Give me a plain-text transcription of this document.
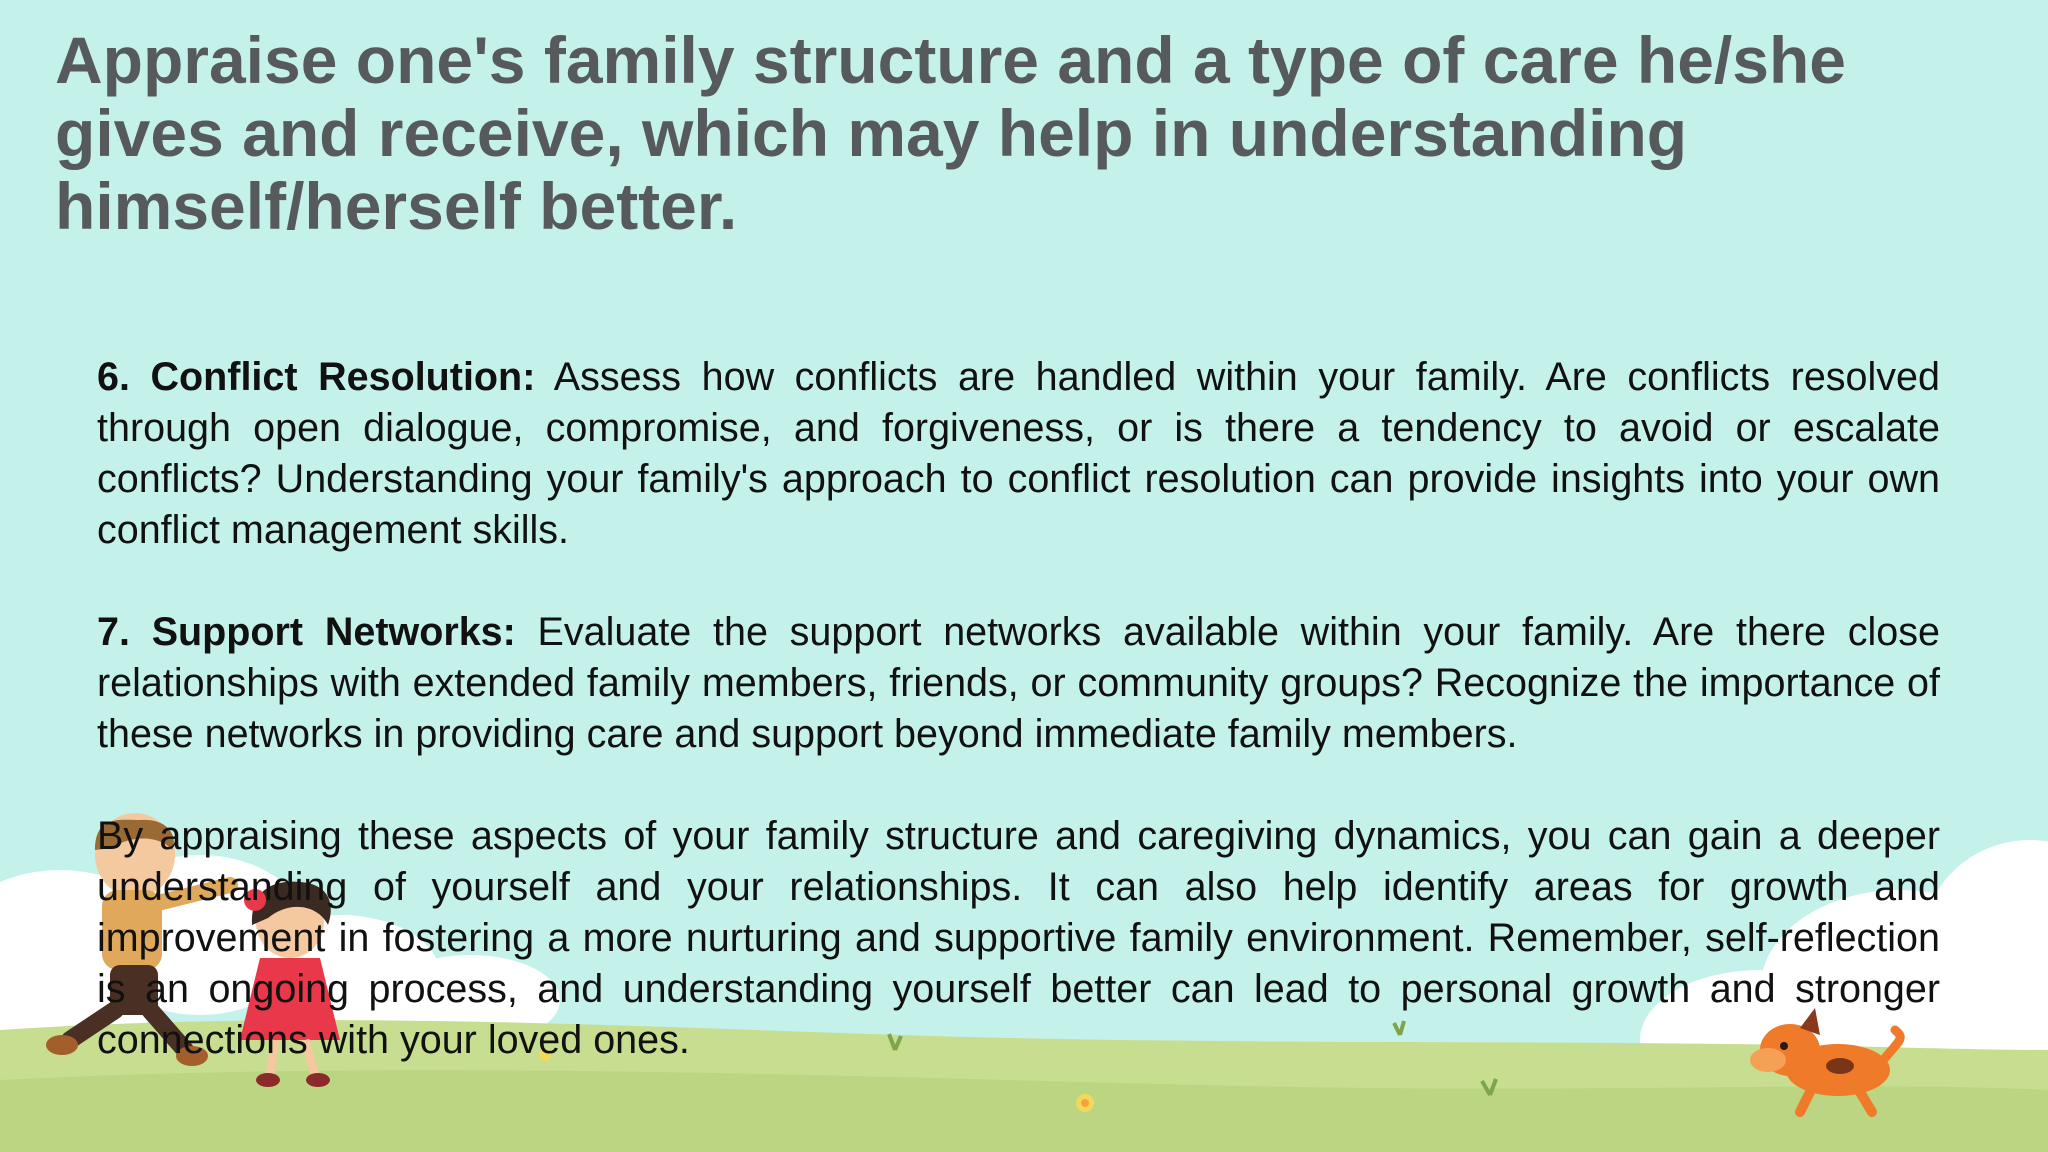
Appraise one's family structure and a type of care he/she gives and receive, which may help in understanding himself/herself better.

6. Conflict Resolution: Assess how conflicts are handled within your family. Are conflicts resolved through open dialogue, compromise, and forgiveness, or is there a tendency to avoid or escalate conflicts? Understanding your family's approach to conflict resolution can provide insights into your own conflict management skills.

7. Support Networks: Evaluate the support networks available within your family. Are there close relationships with extended family members, friends, or community groups? Recognize the importance of these networks in providing care and support beyond immediate family members.

By appraising these aspects of your family structure and caregiving dynamics, you can gain a deeper understanding of yourself and your relationships. It can also help identify areas for growth and improvement in fostering a more nurturing and supportive family environment. Remember, self-reflection is an ongoing process, and understanding yourself better can lead to personal growth and stronger connections with your loved ones.
